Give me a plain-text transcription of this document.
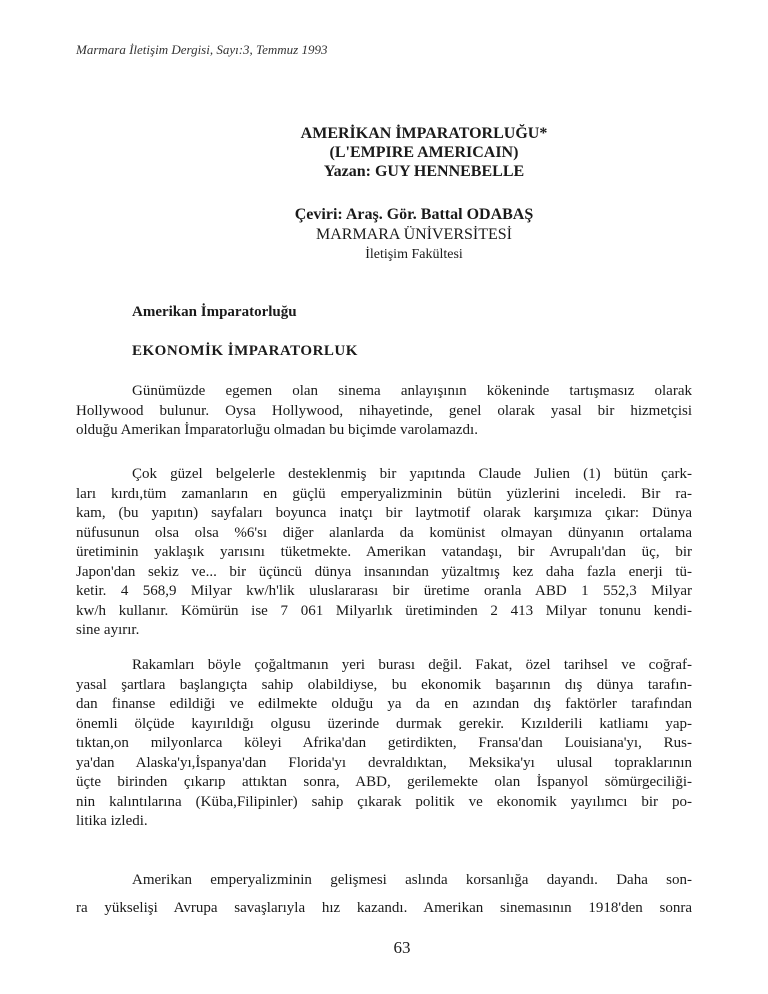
Marmara İletişim Dergisi, Sayı:3, Temmuz 1993
AMERİKAN İMPARATORLUĞU*
(L'EMPIRE AMERICAIN)
Yazan: GUY HENNEBELLE
Çeviri: Araş. Gör. Battal ODABAŞ
MARMARA ÜNİVERSİTESİ
İletişim Fakültesi
Amerikan İmparatorluğu
EKONOMİK İMPARATORLUK
Günümüzde egemen olan sinema anlayışının kökeninde tartışmasız olarak
Hollywood bulunur. Oysa Hollywood, nihayetinde, genel olarak yasal bir hizmetçisi
olduğu Amerikan İmparatorluğu olmadan bu biçimde varolamazdı.
Çok güzel belgelerle desteklenmiş bir yapıtında Claude Julien (1) bütün çark-
ları kırdı,tüm zamanların en güçlü emperyalizminin bütün yüzlerini inceledi. Bir ra-
kam, (bu yapıtın) sayfaları boyunca inatçı bir laytmotif olarak karşımıza çıkar: Dünya
nüfusunun olsa olsa %6'sı diğer alanlarda da komünist olmayan dünyanın ortalama
üretiminin yaklaşık yarısını tüketmekte. Amerikan vatandaşı, bir Avrupalı'dan üç, bir
Japon'dan sekiz ve... bir üçüncü dünya insanından yüzaltmış kez daha fazla enerji tü-
ketir. 4 568,9 Milyar kw/h'lik uluslararası bir üretime oranla ABD 1 552,3 Milyar
kw/h kullanır. Kömürün ise 7 061 Milyarlık üretiminden 2 413 Milyar tonunu kendi-
sine ayırır.
Rakamları böyle çoğaltmanın yeri burası değil. Fakat, özel tarihsel ve coğraf-
yasal şartlara başlangıçta sahip olabildiyse, bu ekonomik başarının dış dünya tarafın-
dan finanse edildiği ve edilmekte olduğu ya da en azından dış faktörler tarafından
önemli ölçüde kayırıldığı olgusu üzerinde durmak gerekir. Kızılderili katliamı yap-
tıktan,on milyonlarca köleyi Afrika'dan getirdikten, Fransa'dan Louisiana'yı, Rus-
ya'dan Alaska'yı,İspanya'dan Florida'yı devraldıktan, Meksika'yı ulusal topraklarının
üçte birinden çıkarıp attıktan sonra, ABD, gerilemekte olan İspanyol sömürgeciliği-
nin kalıntılarına (Küba,Filipinler) sahip çıkarak politik ve ekonomik yayılımcı bir po-
litika izledi.
Amerikan emperyalizminin gelişmesi aslında korsanlığa dayandı. Daha son-
ra yükselişi Avrupa savaşlarıyla hız kazandı. Amerikan sinemasının 1918'den sonra
63
